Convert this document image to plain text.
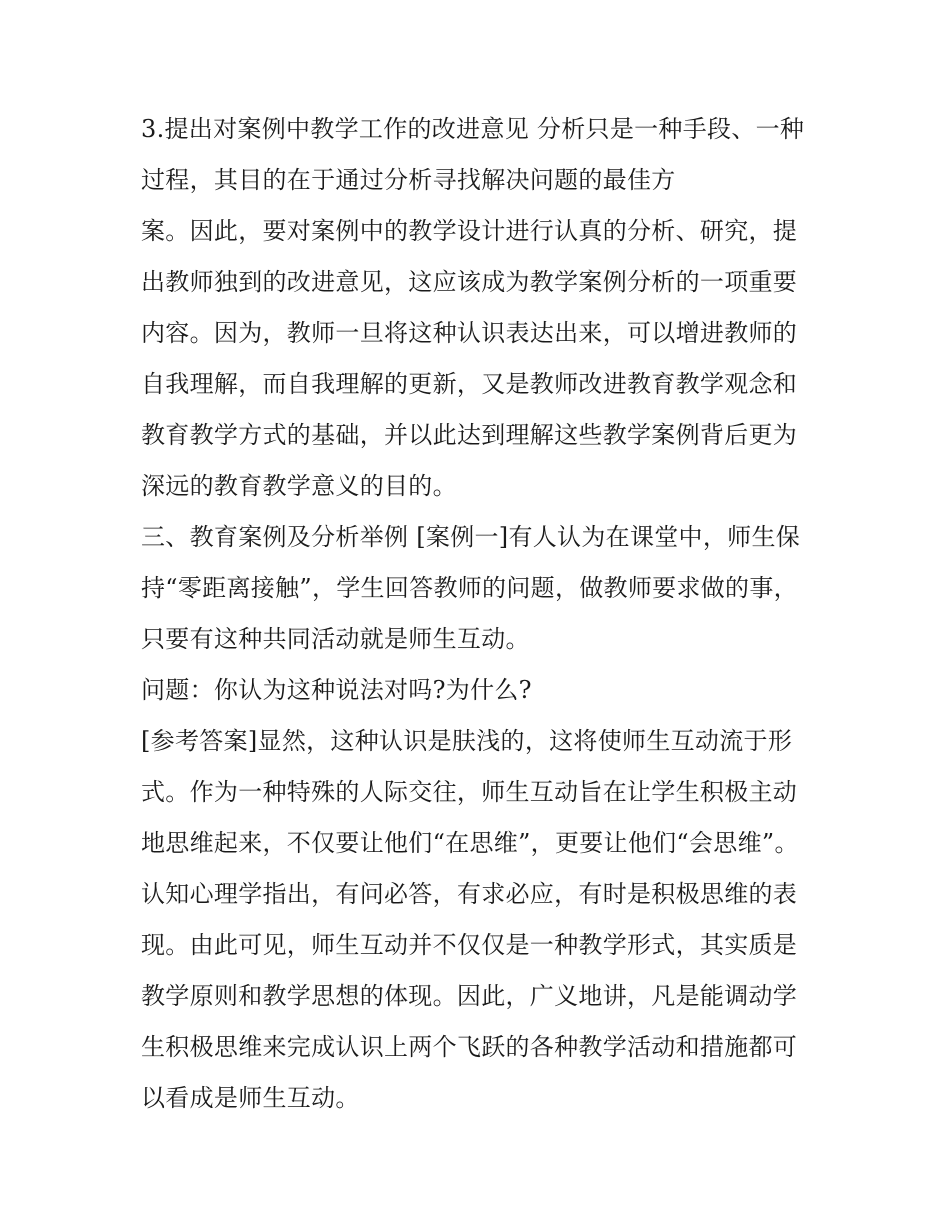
3.提出对案例中教学工作的改进意见 分析只是一种手段、一种
过程，其目的在于通过分析寻找解决问题的最佳方
案。因此，要对案例中的教学设计进行认真的分析、研究，提
出教师独到的改进意见，这应该成为教学案例分析的一项重要
内容。因为，教师一旦将这种认识表达出来，可以增进教师的
自我理解，而自我理解的更新，又是教师改进教育教学观念和
教育教学方式的基础，并以此达到理解这些教学案例背后更为
深远的教育教学意义的目的。
三、教育案例及分析举例 [案例一]有人认为在课堂中，师生保
持“零距离接触”，学生回答教师的问题，做教师要求做的事，
只要有这种共同活动就是师生互动。
问题：你认为这种说法对吗?为什么?
[参考答案]显然，这种认识是肤浅的，这将使师生互动流于形
式。作为一种特殊的人际交往，师生互动旨在让学生积极主动
地思维起来，不仅要让他们“在思维”，更要让他们“会思维”。
认知心理学指出，有问必答，有求必应，有时是积极思维的表
现。由此可见，师生互动并不仅仅是一种教学形式，其实质是
教学原则和教学思想的体现。因此，广义地讲，凡是能调动学
生积极思维来完成认识上两个飞跃的各种教学活动和措施都可
以看成是师生互动。
